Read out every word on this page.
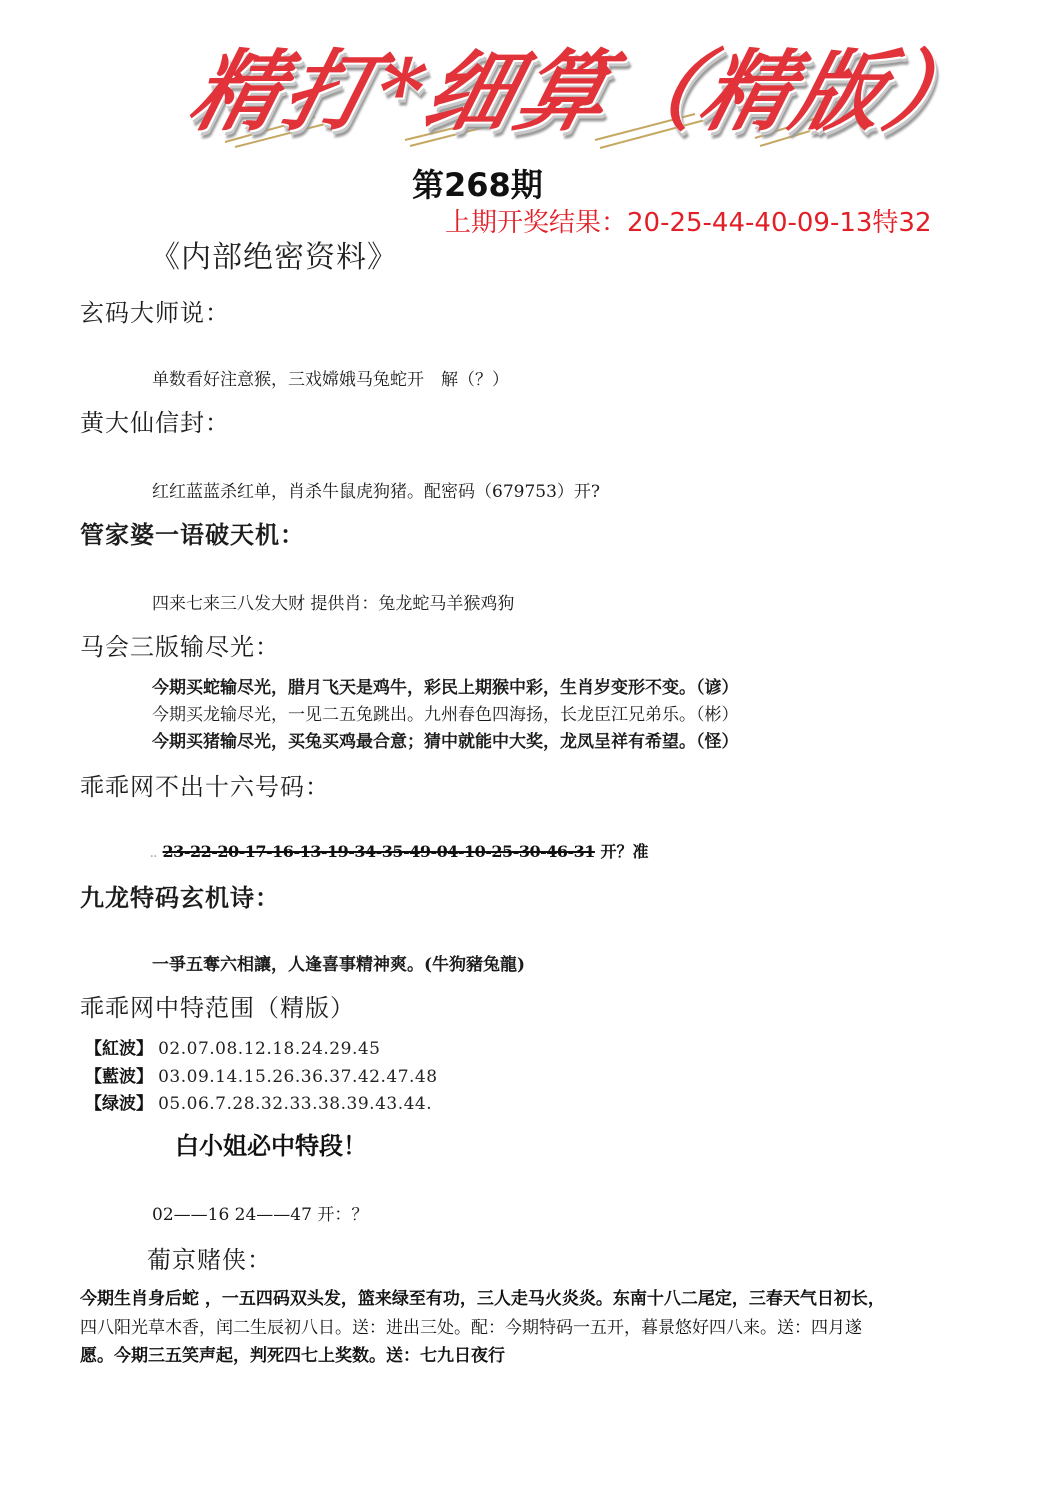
精打*细算（精版）
第268期
上期开奖结果：20-25-44-40-09-13特32
《内部绝密资料》
玄码大师说：
单数看好注意猴，三戏嫦娥马兔蛇开　解（？）
黄大仙信封：
红红蓝蓝杀红单，肖杀牛鼠虎狗猪。配密码（679753）开?
管家婆一语破天机：
四来七来三八发大财 提供肖：兔龙蛇马羊猴鸡狗
马会三版输尽光：
今期买蛇输尽光，腊月飞天是鸡牛，彩民上期猴中彩，生肖岁变形不变。（谚）
今期买龙输尽光，一见二五兔跳出。九州春色四海扬，长龙臣江兄弟乐。（彬）
今期买猪输尽光，买兔买鸡最合意；猜中就能中大奖，龙凤呈祥有希望。（怪）
乖乖网不出十六号码：
.. 23-22-20-17-16-13-19-34-35-49-04-10-25-30-46-31 开？准
九龙特码玄机诗：
一爭五奪六相讓，人逢喜事精神爽。(牛狗豬兔龍)
乖乖网中特范围（精版）
【紅波】 02.07.08.12.18.24.29.45
【藍波】 03.09.14.15.26.36.37.42.47.48
【绿波】 05.06.7.28.32.33.38.39.43.44.
白小姐必中特段！
02——16 24——47 开：？
葡京赌侠：
今期生肖身后蛇 ，一五四码双头发，篮来绿至有功，三人走马火炎炎。东南十八二尾定，三春天气日初长，
四八阳光草木香，闰二生辰初八日。送：进出三处。配：今期特码一五开，暮景悠好四八来。送：四月遂
愿。今期三五笑声起，判死四七上奖数。送：七九日夜行
